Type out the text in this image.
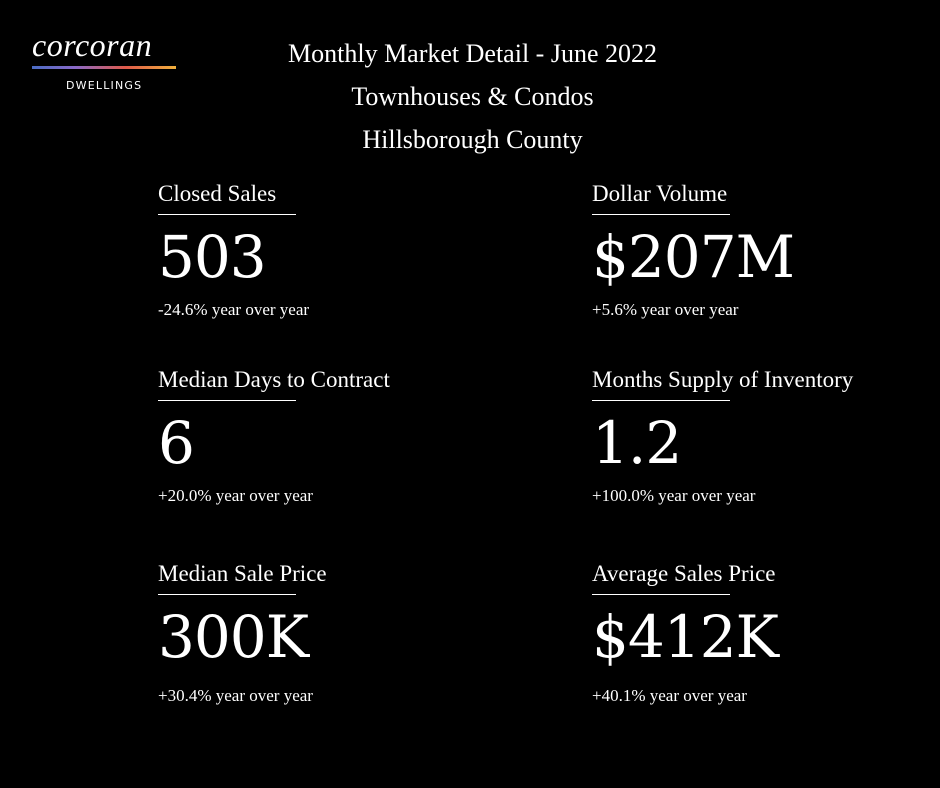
corcoran
DWELLINGS
Monthly Market Detail - June 2022
Townhouses & Condos
Hillsborough County
Closed Sales
503
-24.6% year over year
Dollar Volume
$207M
+5.6% year over year
Median Days to Contract
6
+20.0% year over year
Months Supply of Inventory
1.2
+100.0% year over year
Median Sale Price
300K
+30.4% year over year
Average Sales Price
$412K
+40.1% year over year
